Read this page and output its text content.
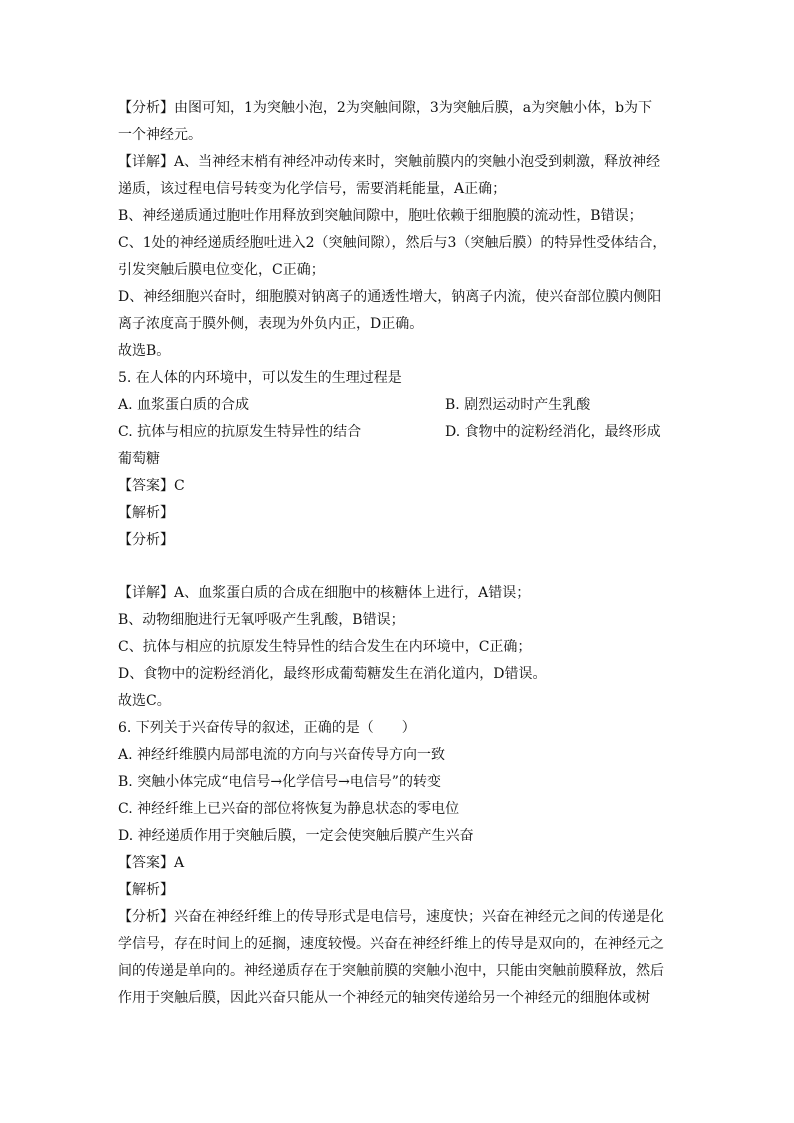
【分析】由图可知，1为突触小泡，2为突触间隙，3为突触后膜，a为突触小体，b为下
一个神经元。
【详解】A、当神经末梢有神经冲动传来时，突触前膜内的突触小泡受到刺激，释放神经
递质，该过程电信号转变为化学信号，需要消耗能量，A正确；
B、神经递质通过胞吐作用释放到突触间隙中，胞吐依赖于细胞膜的流动性，B错误；
C、1处的神经递质经胞吐进入2（突触间隙），然后与3（突触后膜）的特异性受体结合，
引发突触后膜电位变化，C正确；
D、神经细胞兴奋时，细胞膜对钠离子的通透性增大，钠离子内流，使兴奋部位膜内侧阳
离子浓度高于膜外侧，表现为外负内正，D正确。
故选B。
5. 在人体的内环境中，可以发生的生理过程是
A. 血浆蛋白质的合成	B. 剧烈运动时产生乳酸
C. 抗体与相应的抗原发生特异性的结合	D. 食物中的淀粉经消化，最终形成
葡萄糖
【答案】C
【解析】
【分析】
【详解】A、血浆蛋白质的合成在细胞中的核糖体上进行，A错误；
B、动物细胞进行无氧呼吸产生乳酸，B错误；
C、抗体与相应的抗原发生特异性的结合发生在内环境中，C正确；
D、食物中的淀粉经消化，最终形成葡萄糖发生在消化道内，D错误。
故选C。
6. 下列关于兴奋传导的叙述，正确的是（　　）
A. 神经纤维膜内局部电流的方向与兴奋传导方向一致
B. 突触小体完成“电信号→化学信号→电信号”的转变
C. 神经纤维上已兴奋的部位将恢复为静息状态的零电位
D. 神经递质作用于突触后膜，一定会使突触后膜产生兴奋
【答案】A
【解析】
【分析】兴奋在神经纤维上的传导形式是电信号，速度快；兴奋在神经元之间的传递是化
学信号，存在时间上的延搁，速度较慢。兴奋在神经纤维上的传导是双向的，在神经元之
间的传递是单向的。神经递质存在于突触前膜的突触小泡中，只能由突触前膜释放，然后
作用于突触后膜，因此兴奋只能从一个神经元的轴突传递给另一个神经元的细胞体或树
